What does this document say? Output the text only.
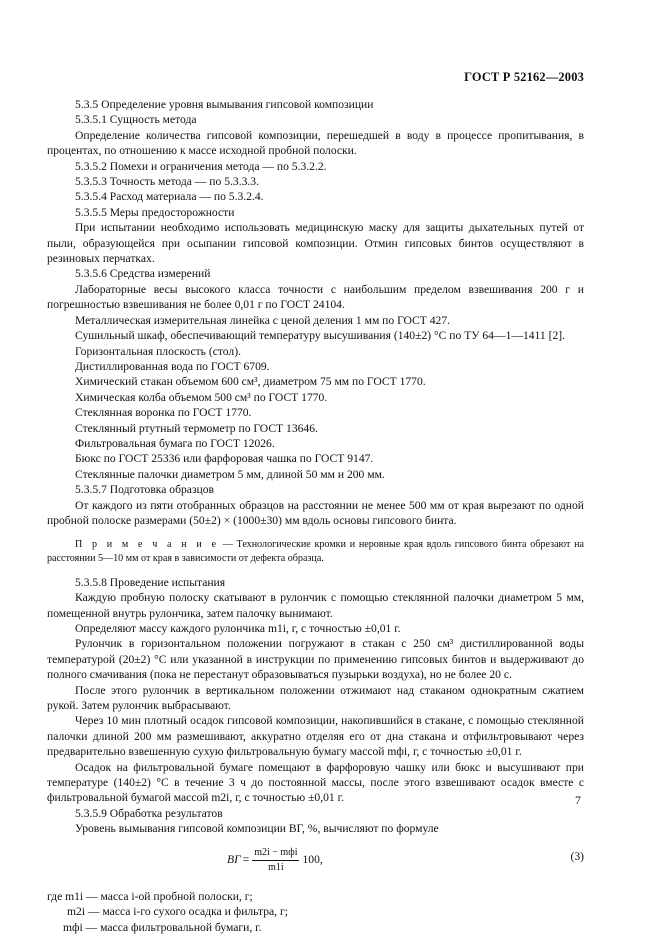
ГОСТ Р 52162—2003
5.3.5 Определение уровня вымывания гипсовой композиции
5.3.5.1 Сущность метода
Определение количества гипсовой композиции, перешедшей в воду в процессе пропитывания, в процентах, по отношению к массе исходной пробной полоски.
5.3.5.2 Помехи и ограничения метода — по 5.3.2.2.
5.3.5.3 Точность метода — по 5.3.3.3.
5.3.5.4 Расход материала — по 5.3.2.4.
5.3.5.5 Меры предосторожности
При испытании необходимо использовать медицинскую маску для защиты дыхательных путей от пыли, образующейся при осыпании гипсовой композиции. Отмин гипсовых бинтов осуществляют в резиновых перчатках.
5.3.5.6 Средства измерений
Лабораторные весы высокого класса точности с наибольшим пределом взвешивания 200 г и погрешностью взвешивания не более 0,01 г по ГОСТ 24104.
Металлическая измерительная линейка с ценой деления 1 мм по ГОСТ 427.
Сушильный шкаф, обеспечивающий температуру высушивания (140±2) °С по ТУ 64—1—1411 [2].
Горизонтальная плоскость (стол).
Дистиллированная вода по ГОСТ 6709.
Химический стакан объемом 600 см³, диаметром 75 мм по ГОСТ 1770.
Химическая колба объемом 500 см³ по ГОСТ 1770.
Стеклянная воронка по ГОСТ 1770.
Стеклянный ртутный термометр по ГОСТ 13646.
Фильтровальная бумага по ГОСТ 12026.
Бюкс по ГОСТ 25336 или фарфоровая чашка по ГОСТ 9147.
Стеклянные палочки диаметром 5 мм, длиной 50 мм и 200 мм.
5.3.5.7 Подготовка образцов
От каждого из пяти отобранных образцов на расстоянии не менее 500 мм от края вырезают по одной пробной полоске размерами (50±2) × (1000±30) мм вдоль основы гипсового бинта.
П р и м е ч а н и е — Технологические кромки и неровные края вдоль гипсового бинта обрезают на расстоянии 5—10 мм от края в зависимости от дефекта образца.
5.3.5.8 Проведение испытания
Каждую пробную полоску скатывают в рулончик с помощью стеклянной палочки диаметром 5 мм, помещенной внутрь рулончика, затем палочку вынимают.
Определяют массу каждого рулончика m1i, г, с точностью ±0,01 г.
Рулончик в горизонтальном положении погружают в стакан с 250 см³ дистиллированной воды температурой (20±2) °С или указанной в инструкции по применению гипсовых бинтов и выдерживают до полного смачивания (пока не перестанут образовываться пузырьки воздуха), но не более 20 с.
После этого рулончик в вертикальном положении отжимают над стаканом однократным сжатием рукой. Затем рулончик выбрасывают.
Через 10 мин плотный осадок гипсовой композиции, накопившийся в стакане, с помощью стеклянной палочки длиной 200 мм размешивают, аккуратно отделяя его от дна стакана и отфильтровывают через предварительно взвешенную сухую фильтровальную бумагу массой mфi, г, с точностью ±0,01 г.
Осадок на фильтровальной бумаге помещают в фарфоровую чашку или бюкс и высушивают при температуре (140±2) °С в течение 3 ч до постоянной массы, после этого взвешивают осадок вместе с фильтровальной бумагой массой m2i, г, с точностью ±0,01 г.
5.3.5.9 Обработка результатов
Уровень вымывания гипсовой композиции ВГ, %, вычисляют по формуле
ВГ = $\frac{\text{m2i − mфi}}{m1i} 100$,	(3)
где m1i — масса i-ой пробной полоски, г;
m2i — масса i-го сухого осадка и фильтра, г;
mфi — масса фильтровальной бумаги, г.
7
